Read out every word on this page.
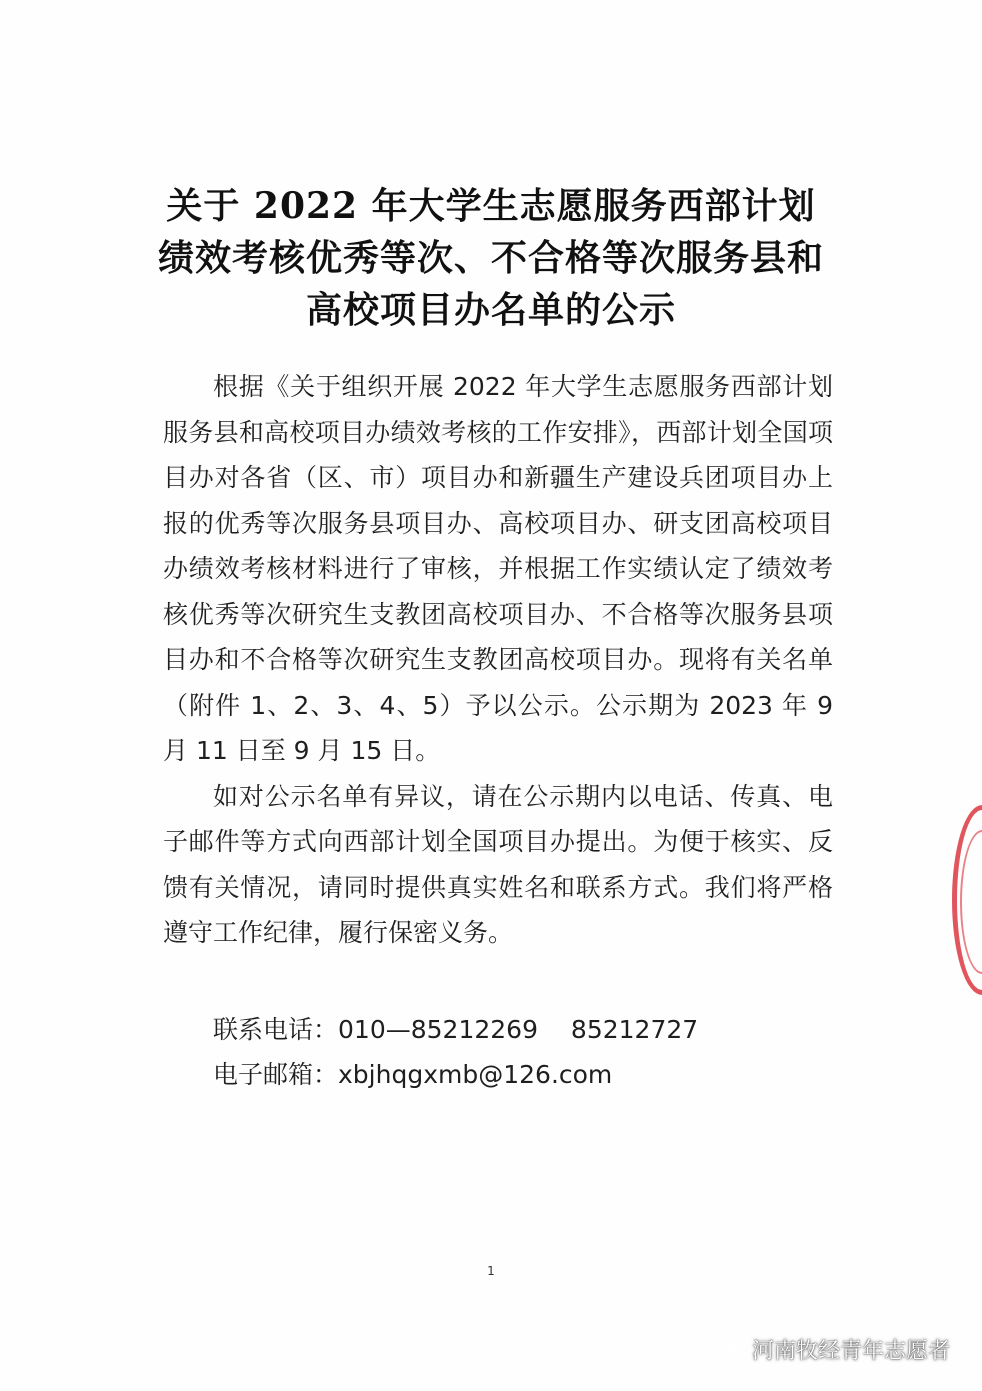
关于 2022 年大学生志愿服务西部计划
绩效考核优秀等次、不合格等次服务县和
高校项目办名单的公示

根据《关于组织开展 2022 年大学生志愿服务西部计划服务县和高校项目办绩效考核的工作安排》，西部计划全国项目办对各省（区、市）项目办和新疆生产建设兵团项目办上报的优秀等次服务县项目办、高校项目办、研支团高校项目办绩效考核材料进行了审核，并根据工作实绩认定了绩效考核优秀等次研究生支教团高校项目办、不合格等次服务县项目办和不合格等次研究生支教团高校项目办。现将有关名单（附件 1、2、3、4、5）予以公示。公示期为 2023 年 9 月 11 日至 9 月 15 日。

如对公示名单有异议，请在公示期内以电话、传真、电子邮件等方式向西部计划全国项目办提出。为便于核实、反馈有关情况，请同时提供真实姓名和联系方式。我们将严格遵守工作纪律，履行保密义务。

联系电话：010—85212269　 85212727
电子邮箱：xbjhqgxmb@126.com
1
河南牧经青年志愿者
